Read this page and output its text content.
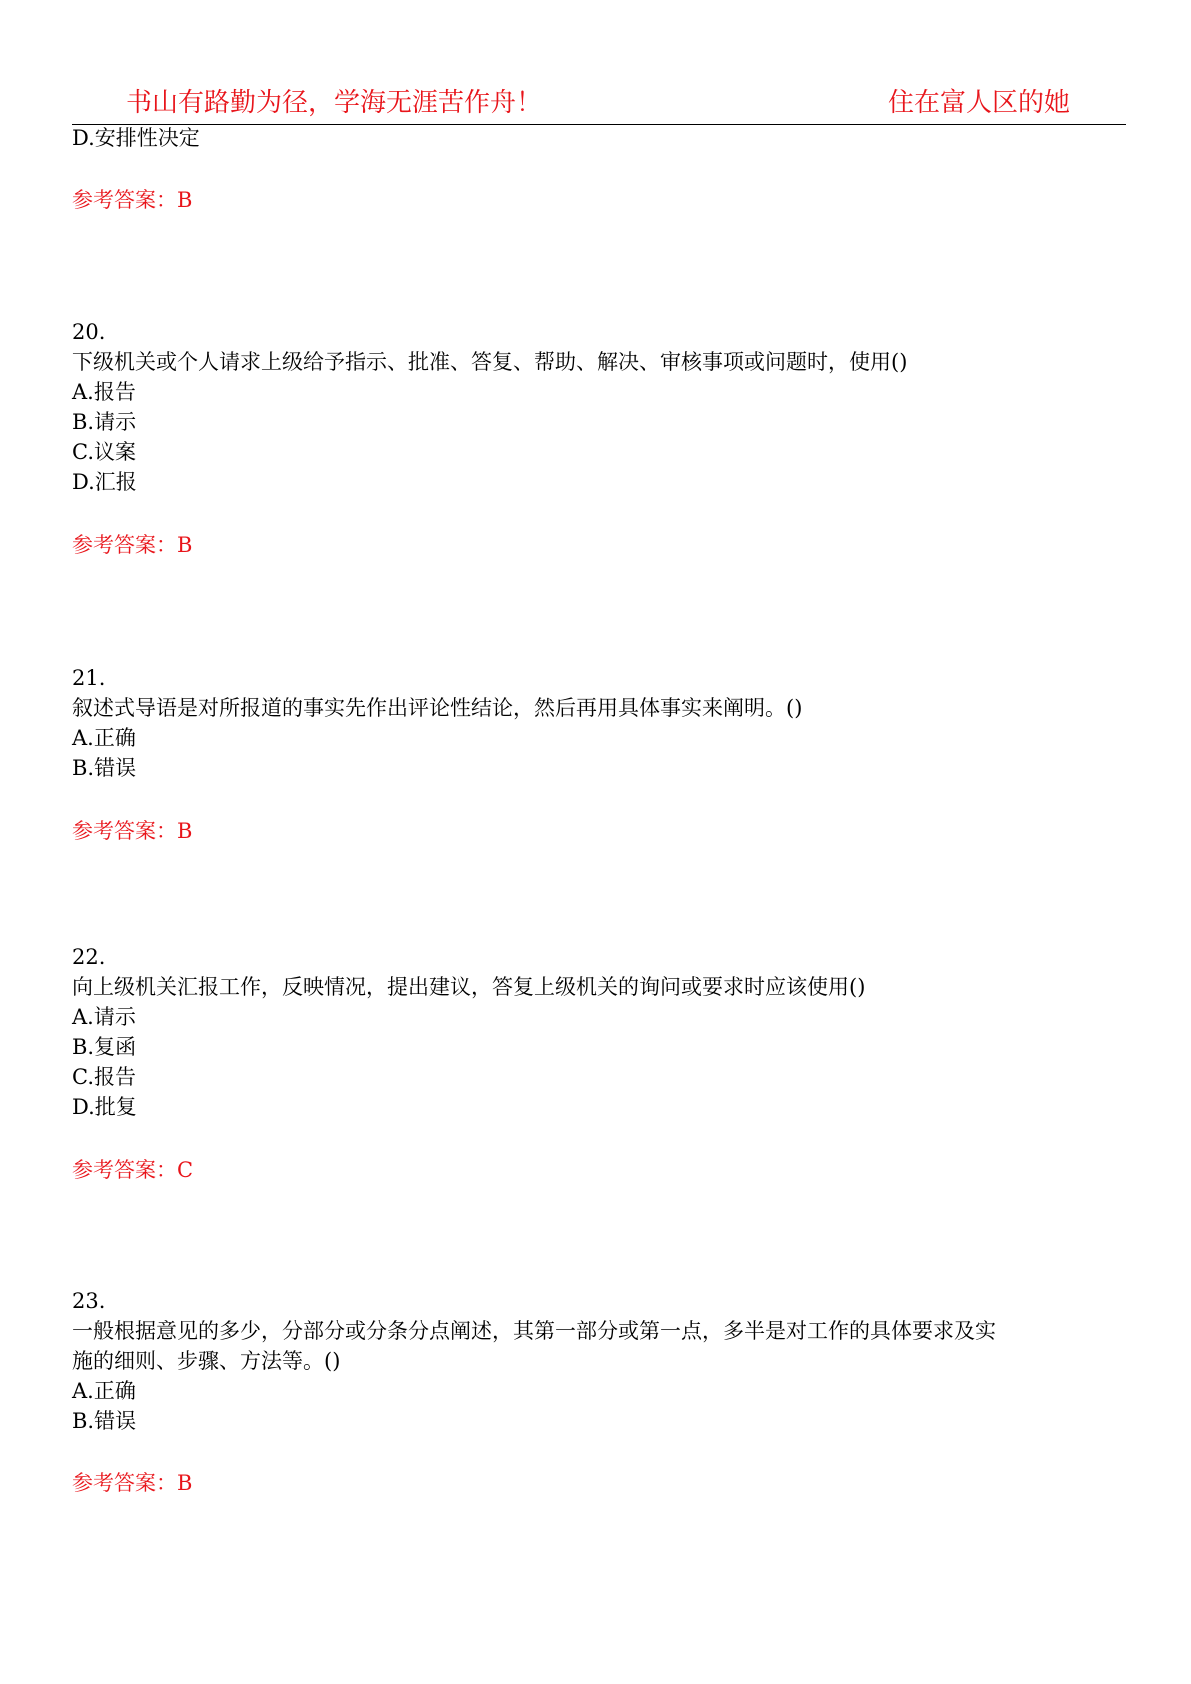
书山有路勤为径，学海无涯苦作舟！	住在富人区的她
D.安排性决定
参考答案：B
20.
下级机关或个人请求上级给予指示、批准、答复、帮助、解决、审核事项或问题时，使用()
A.报告
B.请示
C.议案
D.汇报
参考答案：B
21.
叙述式导语是对所报道的事实先作出评论性结论，然后再用具体事实来阐明。()
A.正确
B.错误
参考答案：B
22.
向上级机关汇报工作，反映情况，提出建议，答复上级机关的询问或要求时应该使用()
A.请示
B.复函
C.报告
D.批复
参考答案：C
23.
一般根据意见的多少，分部分或分条分点阐述，其第一部分或第一点，多半是对工作的具体要求及实
施的细则、步骤、方法等。()
A.正确
B.错误
参考答案：B
